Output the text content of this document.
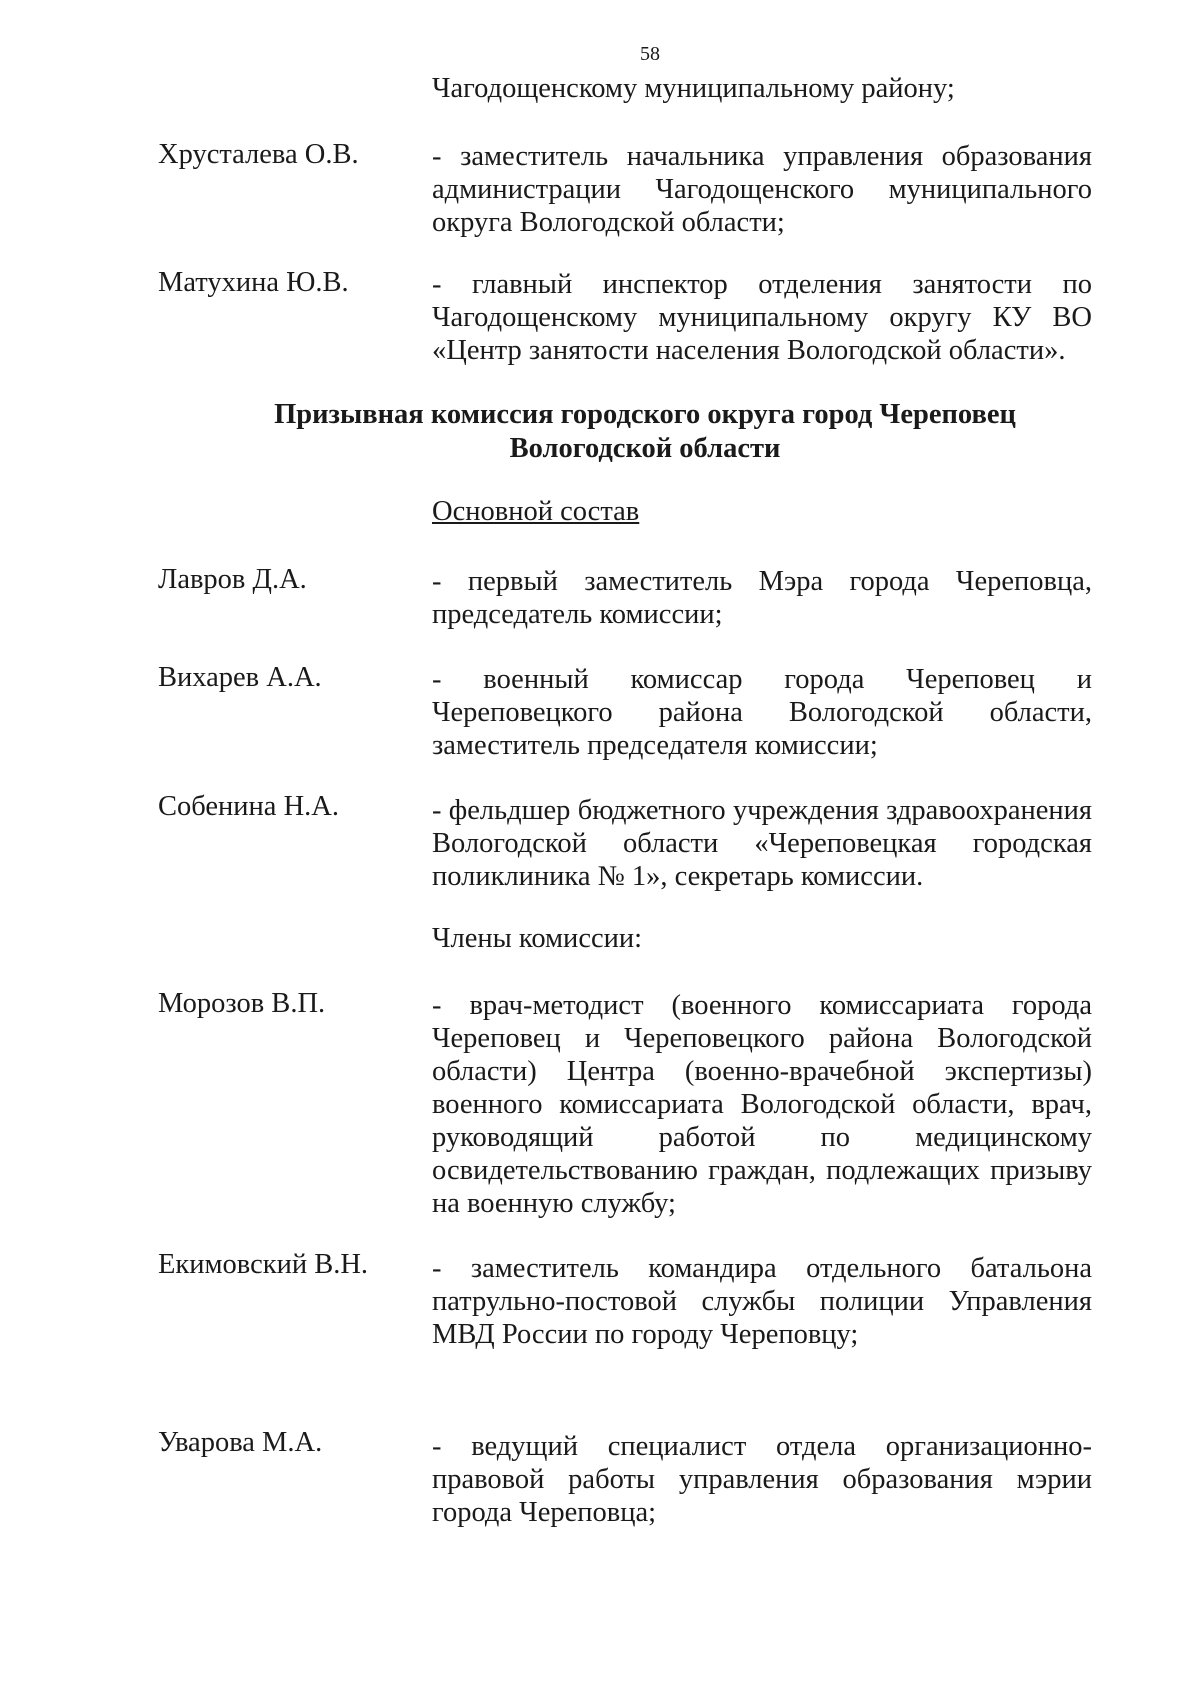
58
Чагодощенскому муниципальному району;
Хрусталева О.В.	- заместитель начальника управления образования администрации Чагодощенского муниципального округа Вологодской области;
Матухина Ю.В.	- главный инспектор отделения занятости по Чагодощенскому муниципальному округу КУ ВО «Центр занятости населения Вологодской области».
Призывная комиссия городского округа город Череповец
Вологодской области
Основной состав
Лавров Д.А.	- первый заместитель Мэра города Череповца, председатель комиссии;
Вихарев А.А.	- военный комиссар города Череповец и Череповецкого района Вологодской области, заместитель председателя комиссии;
Собенина Н.А.	- фельдшер бюджетного учреждения здравоохранения Вологодской области «Череповецкая городская поликлиника № 1», секретарь комиссии.
Члены комиссии:
Морозов В.П.	- врач-методист (военного комиссариата города Череповец и Череповецкого района Вологодской области) Центра (военно-врачебной экспертизы) военного комиссариата Вологодской области, врач, руководящий работой по медицинскому освидетельствованию граждан, подлежащих призыву на военную службу;
Екимовский В.Н.	- заместитель командира отдельного батальона патрульно-постовой службы полиции Управления МВД России по городу Череповцу;
Уварова М.А.	- ведущий специалист отдела организационно-правовой работы управления образования мэрии города Череповца;
